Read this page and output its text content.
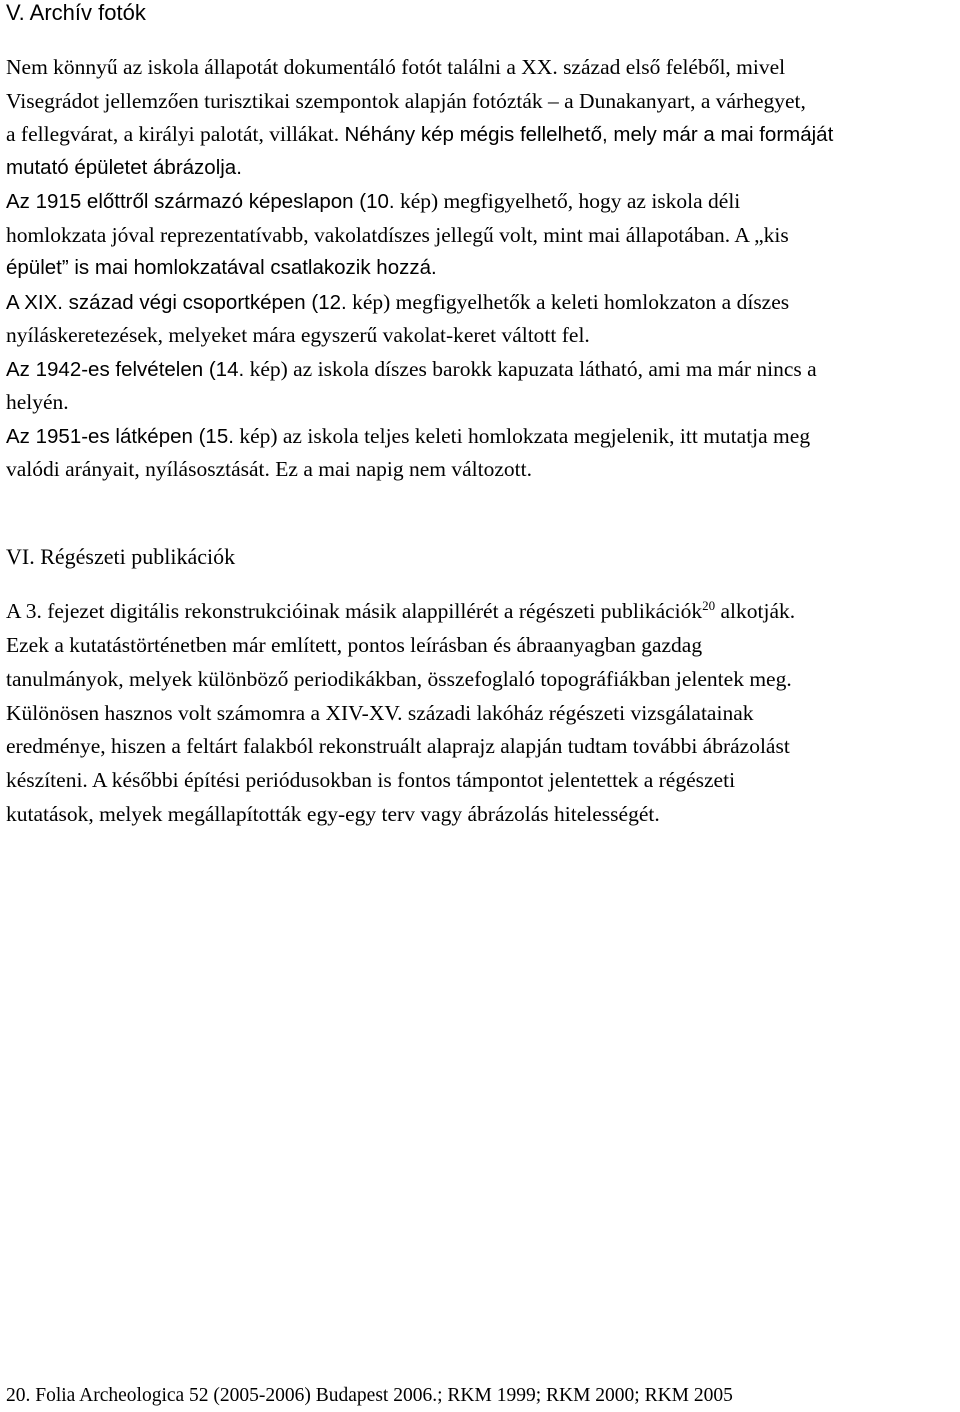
V. Archív fotók
Nem könnyű az iskola állapotát dokumentáló fotót találni a XX. század első feléből, mivel
Visegrádot jellemzően turisztikai szempontok alapján fotózták – a Dunakanyart, a várhegyet,
a fellegvárat, a királyi palotát, villákat. Néhány kép mégis fellelhető, mely már a mai formáját
mutató épületet ábrázolja.
Az 1915 előttről származó képeslapon (10. kép) megfigyelhető, hogy az iskola déli
homlokzata jóval reprezentatívabb, vakolatdíszes jellegű volt, mint mai állapotában. A „kis
épület” is mai homlokzatával csatlakozik hozzá.
A XIX. század végi csoportképen (12. kép) megfigyelhetők a keleti homlokzaton a díszes
nyíláskeretezések, melyeket mára egyszerű vakolat-keret váltott fel.
Az 1942-es felvételen (14. kép) az iskola díszes barokk kapuzata látható, ami ma már nincs a
helyén.
Az 1951-es látképen (15. kép) az iskola teljes keleti homlokzata megjelenik, itt mutatja meg
valódi arányait, nyílásosztását. Ez a mai napig nem változott.
VI. Régészeti publikációk
A 3. fejezet digitális rekonstrukcióinak másik alappillérét a régészeti publikációk$^{20}$ alkotják.
Ezek a kutatástörténetben már említett, pontos leírásban és ábraanyagban gazdag
tanulmányok, melyek különböző periodikákban, összefoglaló topográfiákban jelentek meg.
Különösen hasznos volt számomra a XIV-XV. századi lakóház régészeti vizsgálatainak
eredménye, hiszen a feltárt falakból rekonstruált alaprajz alapján tudtam további ábrázolást
készíteni. A későbbi építési periódusokban is fontos támpontot jelentettek a régészeti
kutatások, melyek megállapították egy-egy terv vagy ábrázolás hitelességét.
20. Folia Archeologica 52 (2005-2006) Budapest 2006.; RKM 1999; RKM 2000; RKM 2005
